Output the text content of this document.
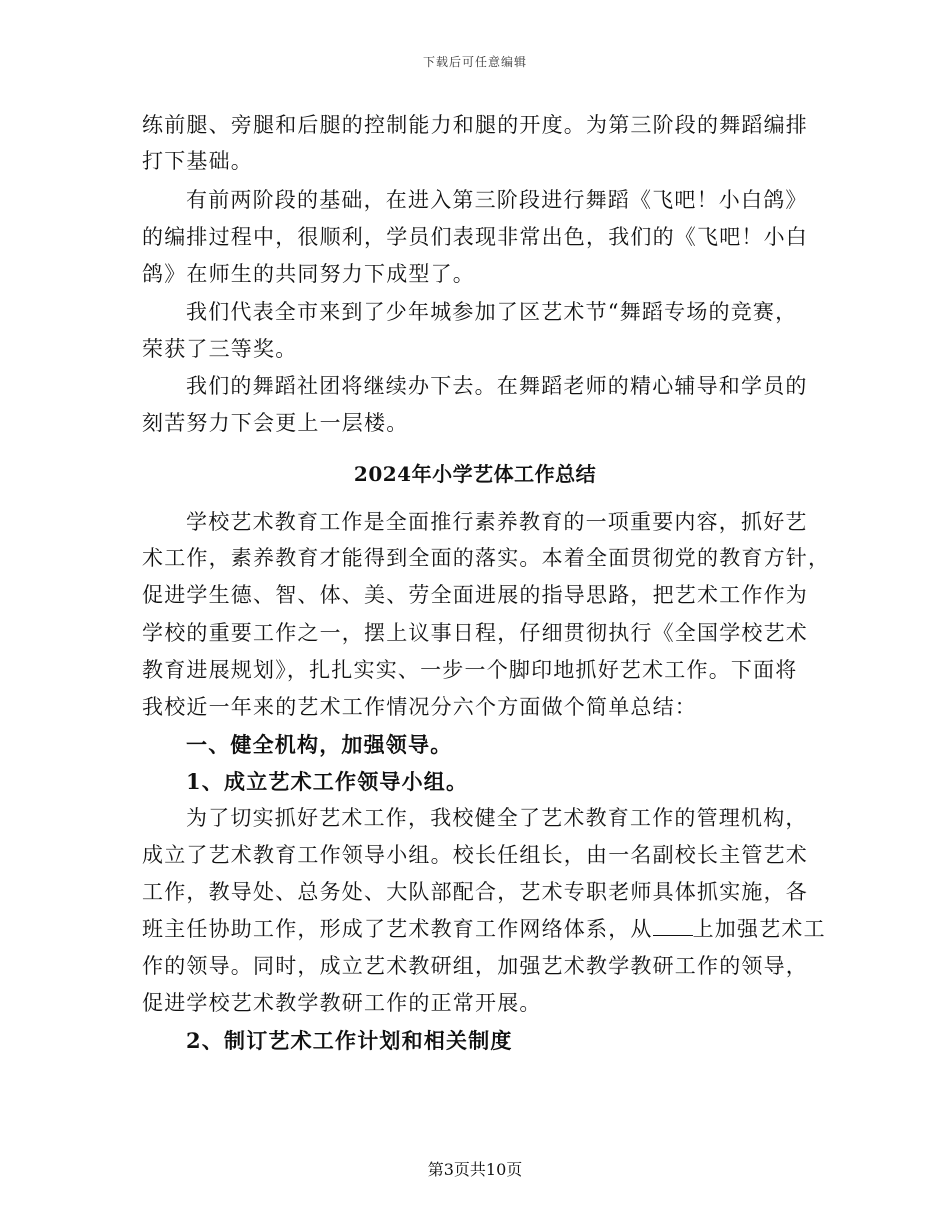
下载后可任意编辑
练前腿、旁腿和后腿的控制能力和腿的开度。为第三阶段的舞蹈编排
打下基础。
有前两阶段的基础，在进入第三阶段进行舞蹈《飞吧！小白鸽》
的编排过程中，很顺利，学员们表现非常出色，我们的《飞吧！小白
鸽》在师生的共同努力下成型了。
我们代表全市来到了少年城参加了区艺术节“舞蹈专场的竞赛，
荣获了三等奖。
我们的舞蹈社团将继续办下去。在舞蹈老师的精心辅导和学员的
刻苦努力下会更上一层楼。
2024年小学艺体工作总结
学校艺术教育工作是全面推行素养教育的一项重要内容，抓好艺
术工作，素养教育才能得到全面的落实。本着全面贯彻党的教育方针，
促进学生德、智、体、美、劳全面进展的指导思路，把艺术工作作为
学校的重要工作之一，摆上议事日程，仔细贯彻执行《全国学校艺术
教育进展规划》，扎扎实实、一步一个脚印地抓好艺术工作。下面将
我校近一年来的艺术工作情况分六个方面做个简单总结：
一、健全机构，加强领导。
1、成立艺术工作领导小组。
为了切实抓好艺术工作，我校健全了艺术教育工作的管理机构，
成立了艺术教育工作领导小组。校长任组长，由一名副校长主管艺术
工作，教导处、总务处、大队部配合，艺术专职老师具体抓实施，各
班主任协助工作，形成了艺术教育工作网络体系，从 上加强艺术工
作的领导。同时，成立艺术教研组，加强艺术教学教研工作的领导，
促进学校艺术教学教研工作的正常开展。
2、制订艺术工作计划和相关制度
第3页共10页
